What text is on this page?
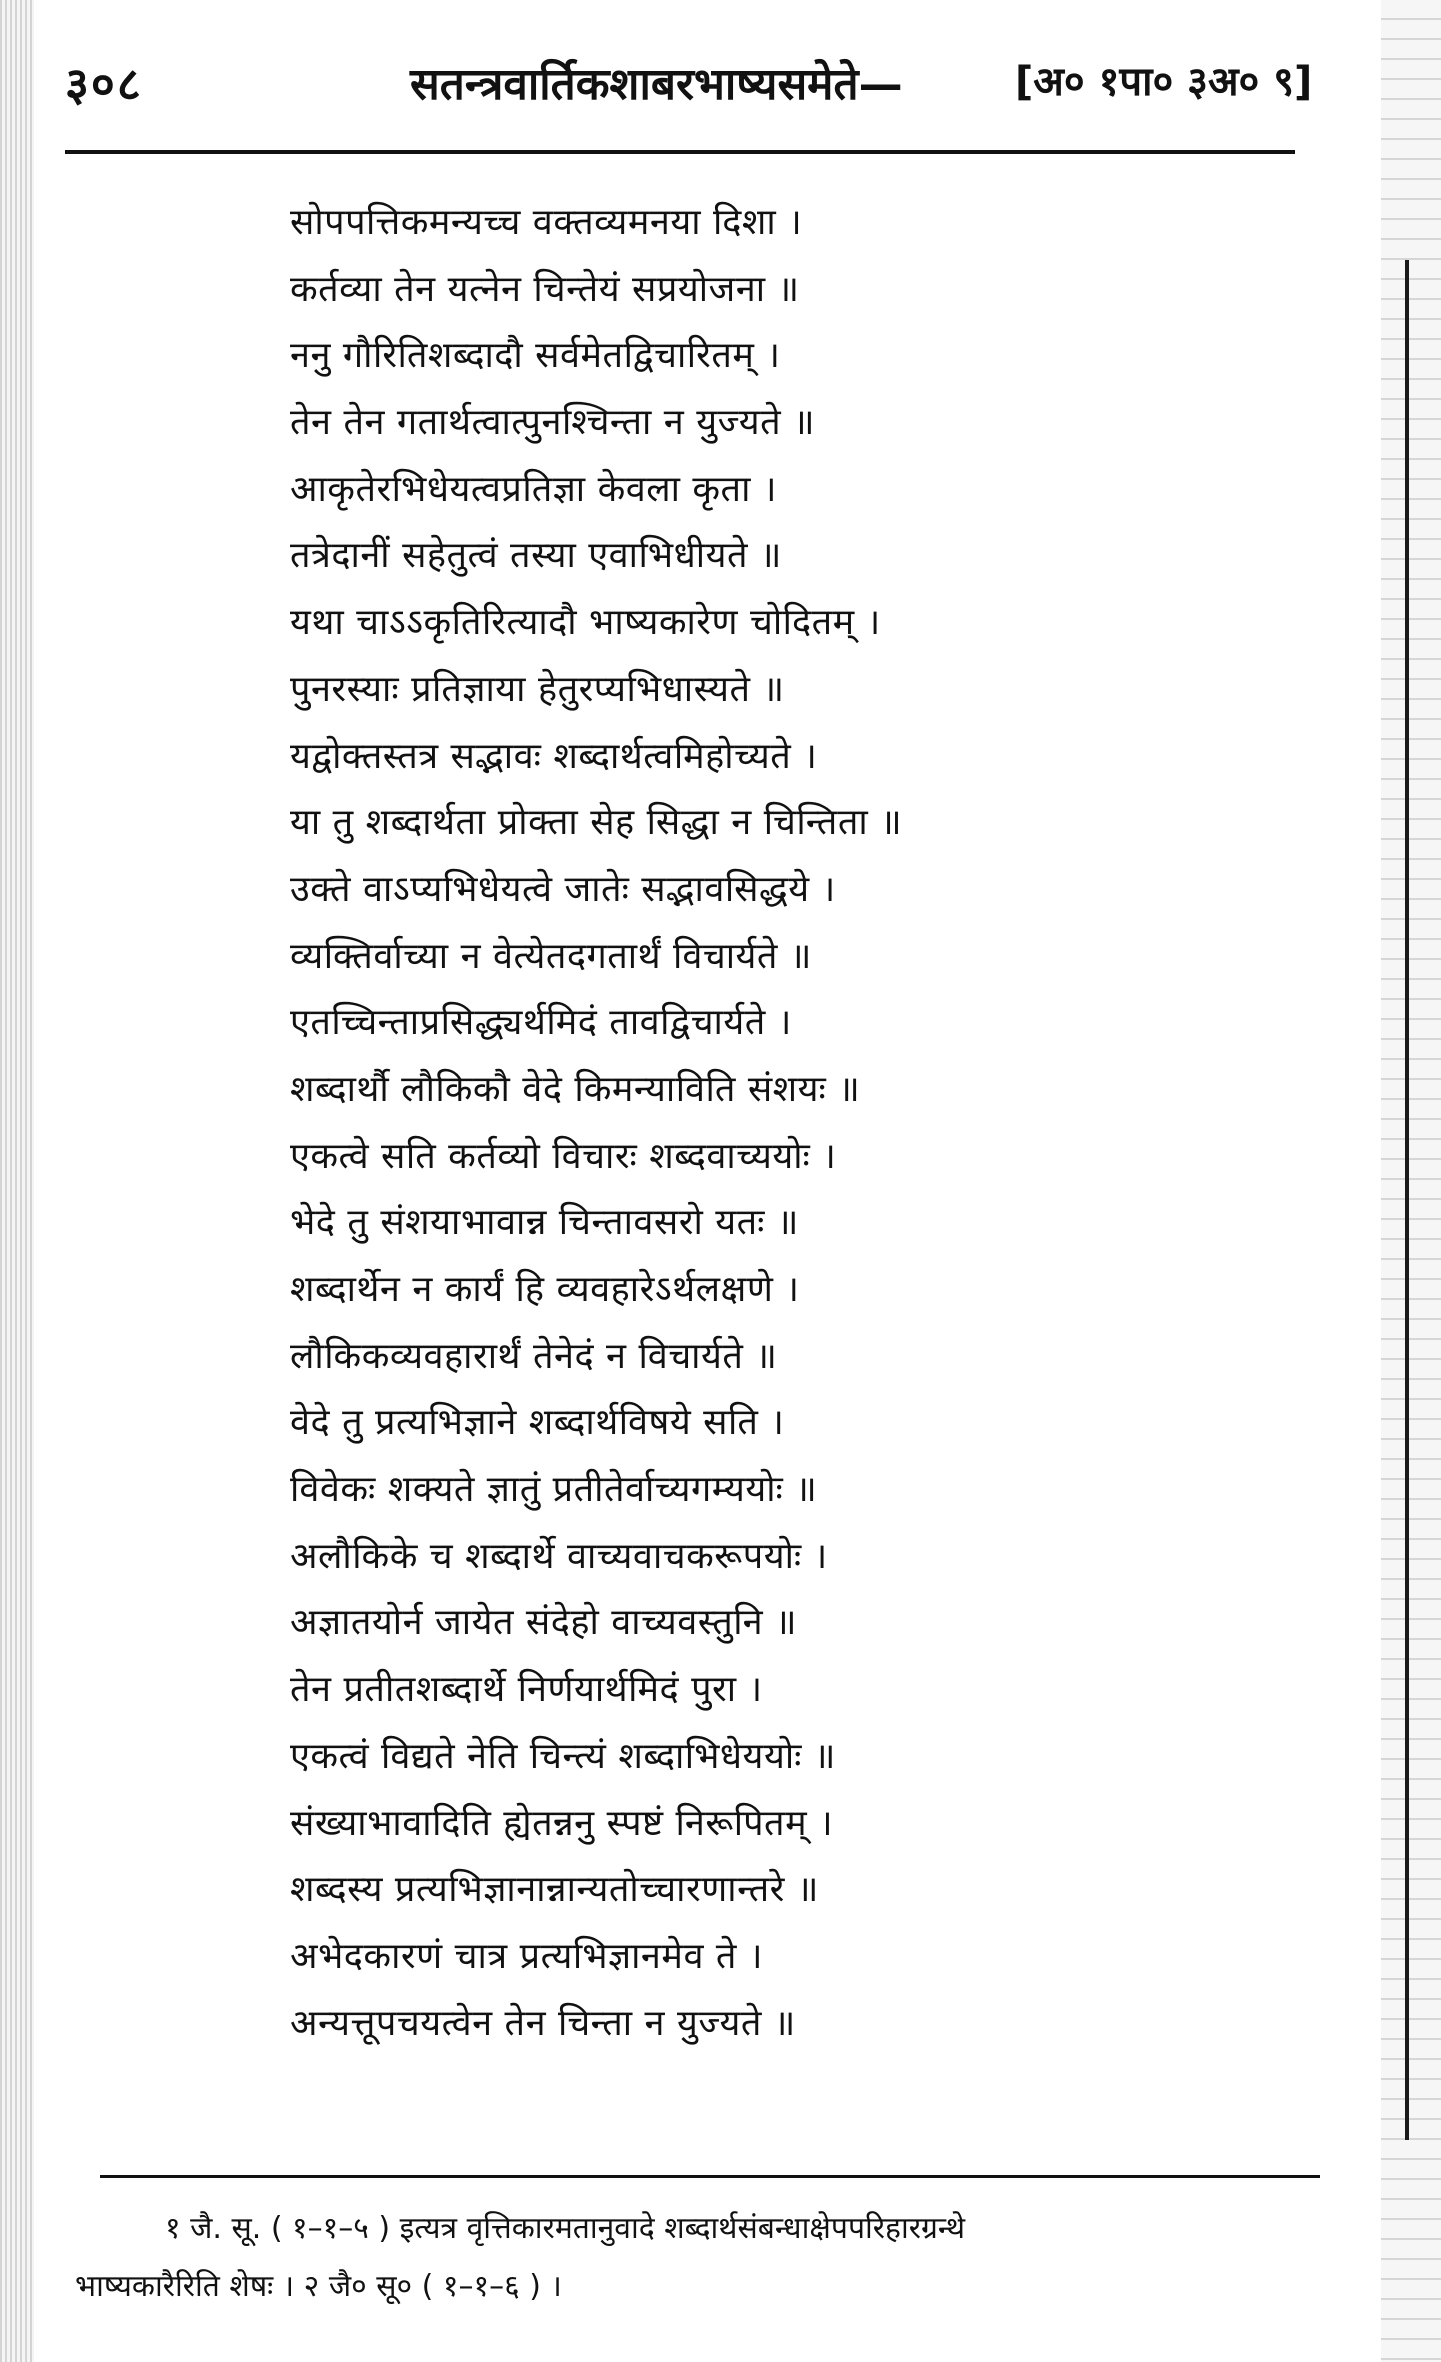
३०८	सतन्त्रवार्तिकशाबरभाष्यसमेते—	[अ० १पा० ३अ० ९]
सोपपत्तिकमन्यच्च वक्तव्यमनया दिशा ।
कर्तव्या तेन यत्नेन चिन्तेयं सप्रयोजना ॥
ननु गौरितिशब्दादौ सर्वमेतद्विचारितम् ।
तेन तेन गतार्थत्वात्पुनश्चिन्ता न युज्यते ॥
आकृतेरभिधेयत्वप्रतिज्ञा केवला कृता ।
तत्रेदानीं सहेतुत्वं तस्या एवाभिधीयते ॥
यथा चाऽऽकृतिरित्यादौ भाष्यकारेण चोदितम् ।
पुनरस्याः प्रतिज्ञाया हेतुरप्यभिधास्यते ॥
यद्वोक्तस्तत्र सद्भावः शब्दार्थत्वमिहोच्यते ।
या तु शब्दार्थता प्रोक्ता सेह सिद्धा न चिन्तिता ॥
उक्ते वाऽप्यभिधेयत्वे जातेः सद्भावसिद्धये ।
व्यक्तिर्वाच्या न वेत्येतदगतार्थं विचार्यते ॥
एतच्चिन्ताप्रसिद्ध्यर्थमिदं तावद्विचार्यते ।
शब्दार्थौ लौकिकौ वेदे किमन्याविति संशयः ॥
एकत्वे सति कर्तव्यो विचारः शब्दवाच्ययोः ।
भेदे तु संशयाभावान्न चिन्तावसरो यतः ॥
शब्दार्थेन न कार्यं हि व्यवहारेऽर्थलक्षणे ।
लौकिकव्यवहारार्थं तेनेदं न विचार्यते ॥
वेदे तु प्रत्यभिज्ञाने शब्दार्थविषये सति ।
विवेकः शक्यते ज्ञातुं प्रतीतेर्वाच्यगम्ययोः ॥
अलौकिके च शब्दार्थे वाच्यवाचकरूपयोः ।
अज्ञातयोर्न जायेत संदेहो वाच्यवस्तुनि ॥
तेन प्रतीतशब्दार्थे निर्णयार्थमिदं पुरा ।
एकत्वं विद्यते नेति चिन्त्यं शब्दाभिधेययोः ॥
संख्याभावादिति ह्येतन्ननु स्पष्टं निरूपितम् ।
शब्दस्य प्रत्यभिज्ञानान्नान्यतोच्चारणान्तरे ॥
अभेदकारणं चात्र प्रत्यभिज्ञानमेव ते ।
अन्यत्तूपचयत्वेन तेन चिन्ता न युज्यते ॥
१ जै. सू. ( १–१–५ ) इत्यत्र वृत्तिकारमतानुवादे शब्दार्थसंबन्धाक्षेपपरिहारग्रन्थे
भाष्यकारैरिति शेषः । २ जै० सू० ( १–१–६ ) ।
